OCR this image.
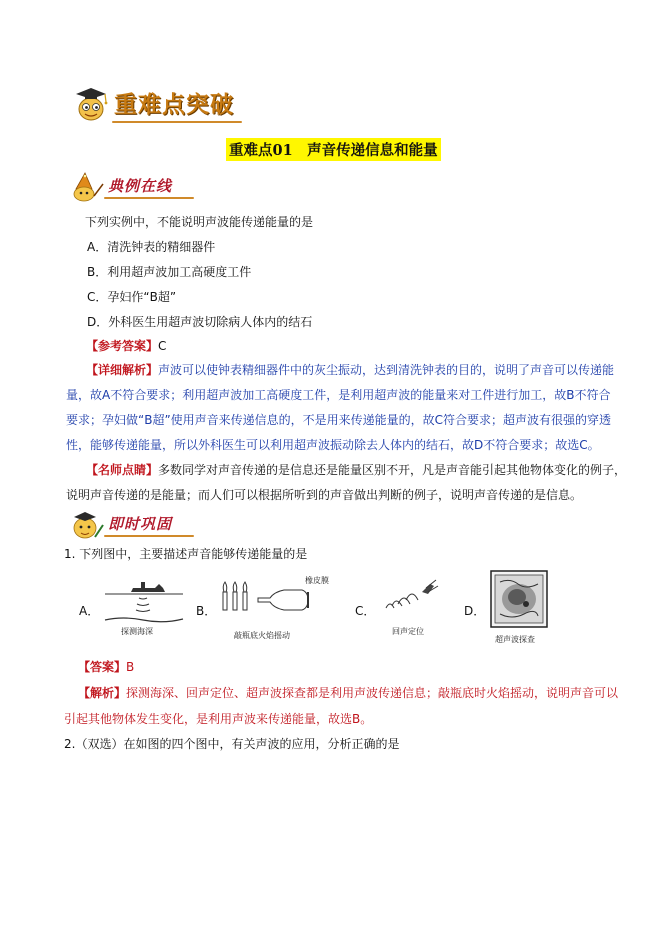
重难点突破
重难点01　声音传递信息和能量
典例在线
下列实例中，不能说明声波能传递能量的是
A．清洗钟表的精细器件
B．利用超声波加工高硬度工件
C．孕妇作“B超”
D．外科医生用超声波切除病人体内的结石
【参考答案】C
【详细解析】声波可以使钟表精细器件中的灰尘振动，达到清洗钟表的目的，说明了声音可以传递能
量，故A不符合要求；利用超声波加工高硬度工件，是利用超声波的能量来对工件进行加工，故B不符合
要求；孕妇做“B超”使用声音来传递信息的，不是用来传递能量的，故C符合要求；超声波有很强的穿透
性，能够传递能量，所以外科医生可以利用超声波振动除去人体内的结石，故D不符合要求；故选C。
【名师点睛】多数同学对声音传递的是信息还是能量区别不开，凡是声音能引起其他物体变化的例子，
说明声音传递的是能量；而人们可以根据所听到的声音做出判断的例子，说明声音传递的是信息。
即时巩固
1. 下列图中，主要描述声音能够传递能量的是
A．
探测海深
B．
橡皮膜
敲瓶底火焰摇动
C．
回声定位
D．
超声波探查
【答案】B
【解析】探测海深、回声定位、超声波探查都是利用声波传递信息；敲瓶底时火焰摇动，说明声音可以
引起其他物体发生变化，是利用声波来传递能量，故选B。
2.（双选）在如图的四个图中，有关声波的应用，分析正确的是
